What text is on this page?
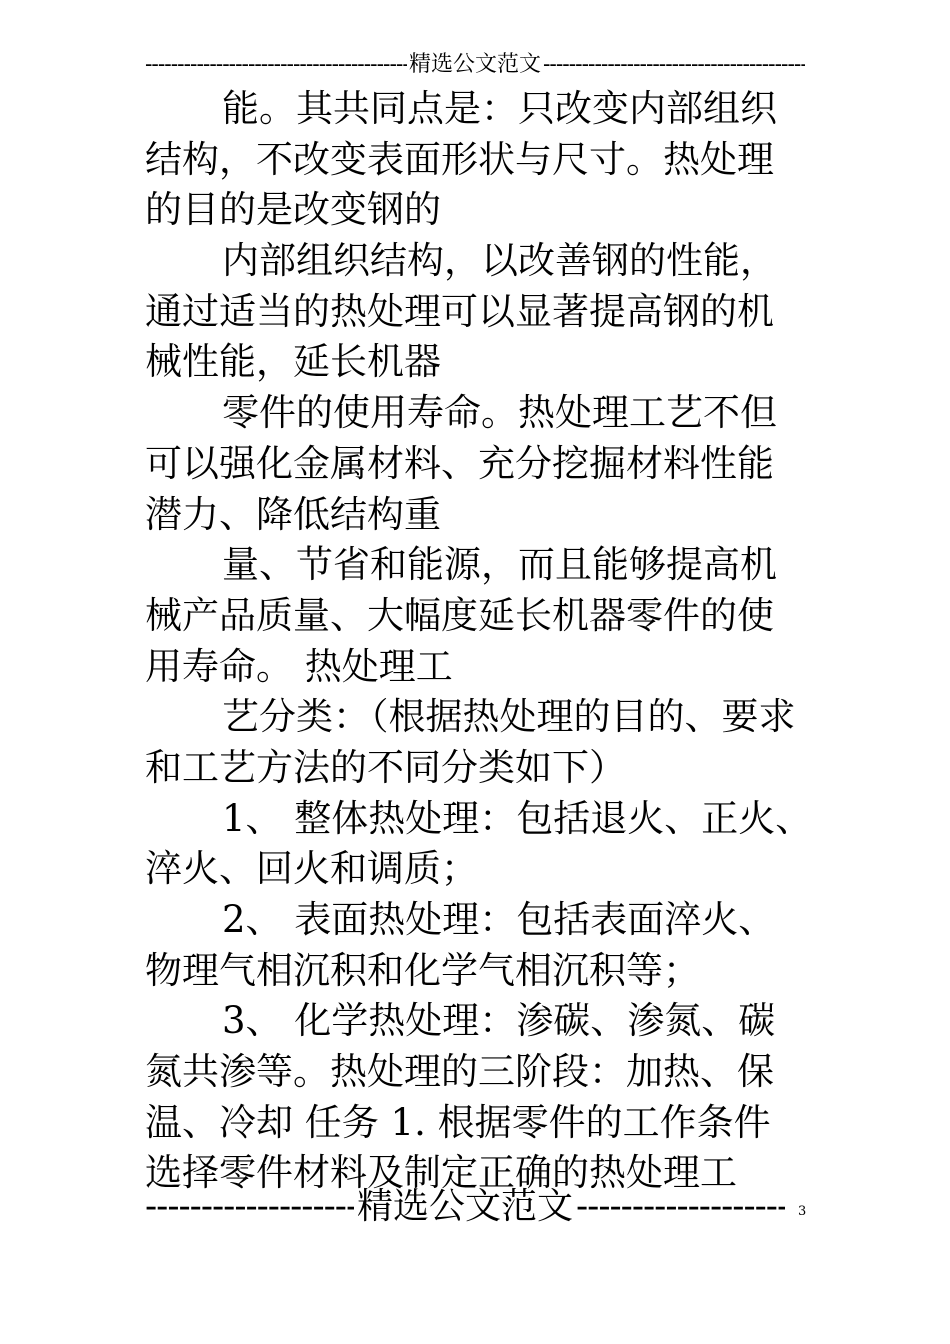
-----
精选公文范文
-----
能。其共同点是：只改变内部组织
结构，不改变表面形状与尺寸。热处理
的目的是改变钢的
内部组织结构，以改善钢的性能，
通过适当的热处理可以显著提高钢的机
械性能，延长机器
零件的使用寿命。热处理工艺不但
可以强化金属材料、充分挖掘材料性能
潜力、降低结构重
量、节省和能源，而且能够提高机
械产品质量、大幅度延长机器零件的使
用寿命。 热处理工
艺分类：（根据热处理的目的、要求
和工艺方法的不同分类如下）
1、 整体热处理：包括退火、正火、
淬火、回火和调质；
2、 表面热处理：包括表面淬火、
物理气相沉积和化学气相沉积等；
3、 化学热处理：渗碳、渗氮、碳
氮共渗等。热处理的三阶段：加热、保
温、冷却 任务 1. 根据零件的工作条件
选择零件材料及制定正确的热处理工
-----
精选公文范文
-----	3
